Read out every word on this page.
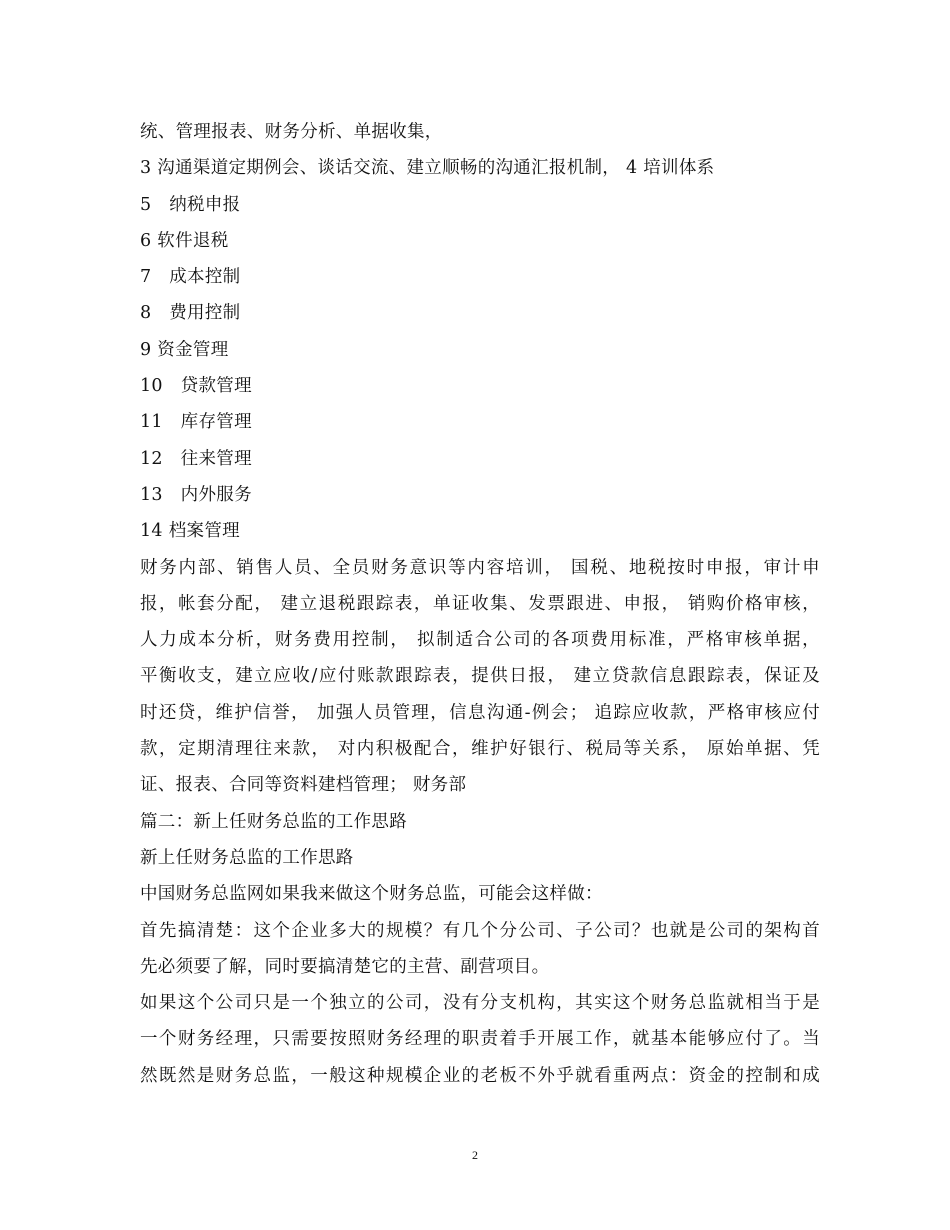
统、管理报表、财务分析、单据收集，
3 沟通渠道定期例会、谈话交流、建立顺畅的沟通汇报机制， 4 培训体系
5　纳税申报
6 软件退税
7　成本控制
8　费用控制
9 资金管理
10　贷款管理
11　库存管理
12　往来管理
13　内外服务
14 档案管理
财务内部、销售人员、全员财务意识等内容培训， 国税、地税按时申报，审计申
报，帐套分配， 建立退税跟踪表，单证收集、发票跟进、申报， 销购价格审核，
人力成本分析，财务费用控制， 拟制适合公司的各项费用标准，严格审核单据，
平衡收支，建立应收/应付账款跟踪表，提供日报， 建立贷款信息跟踪表，保证及
时还贷，维护信誉， 加强人员管理，信息沟通-例会； 追踪应收款，严格审核应付
款，定期清理往来款， 对内积极配合，维护好银行、税局等关系， 原始单据、凭
证、报表、合同等资料建档管理； 财务部
篇二：新上任财务总监的工作思路
新上任财务总监的工作思路
中国财务总监网如果我来做这个财务总监，可能会这样做：
首先搞清楚：这个企业多大的规模？有几个分公司、子公司？也就是公司的架构首
先必须要了解，同时要搞清楚它的主营、副营项目。
如果这个公司只是一个独立的公司，没有分支机构，其实这个财务总监就相当于是
一个财务经理，只需要按照财务经理的职责着手开展工作，就基本能够应付了。当
然既然是财务总监，一般这种规模企业的老板不外乎就看重两点：资金的控制和成
2
